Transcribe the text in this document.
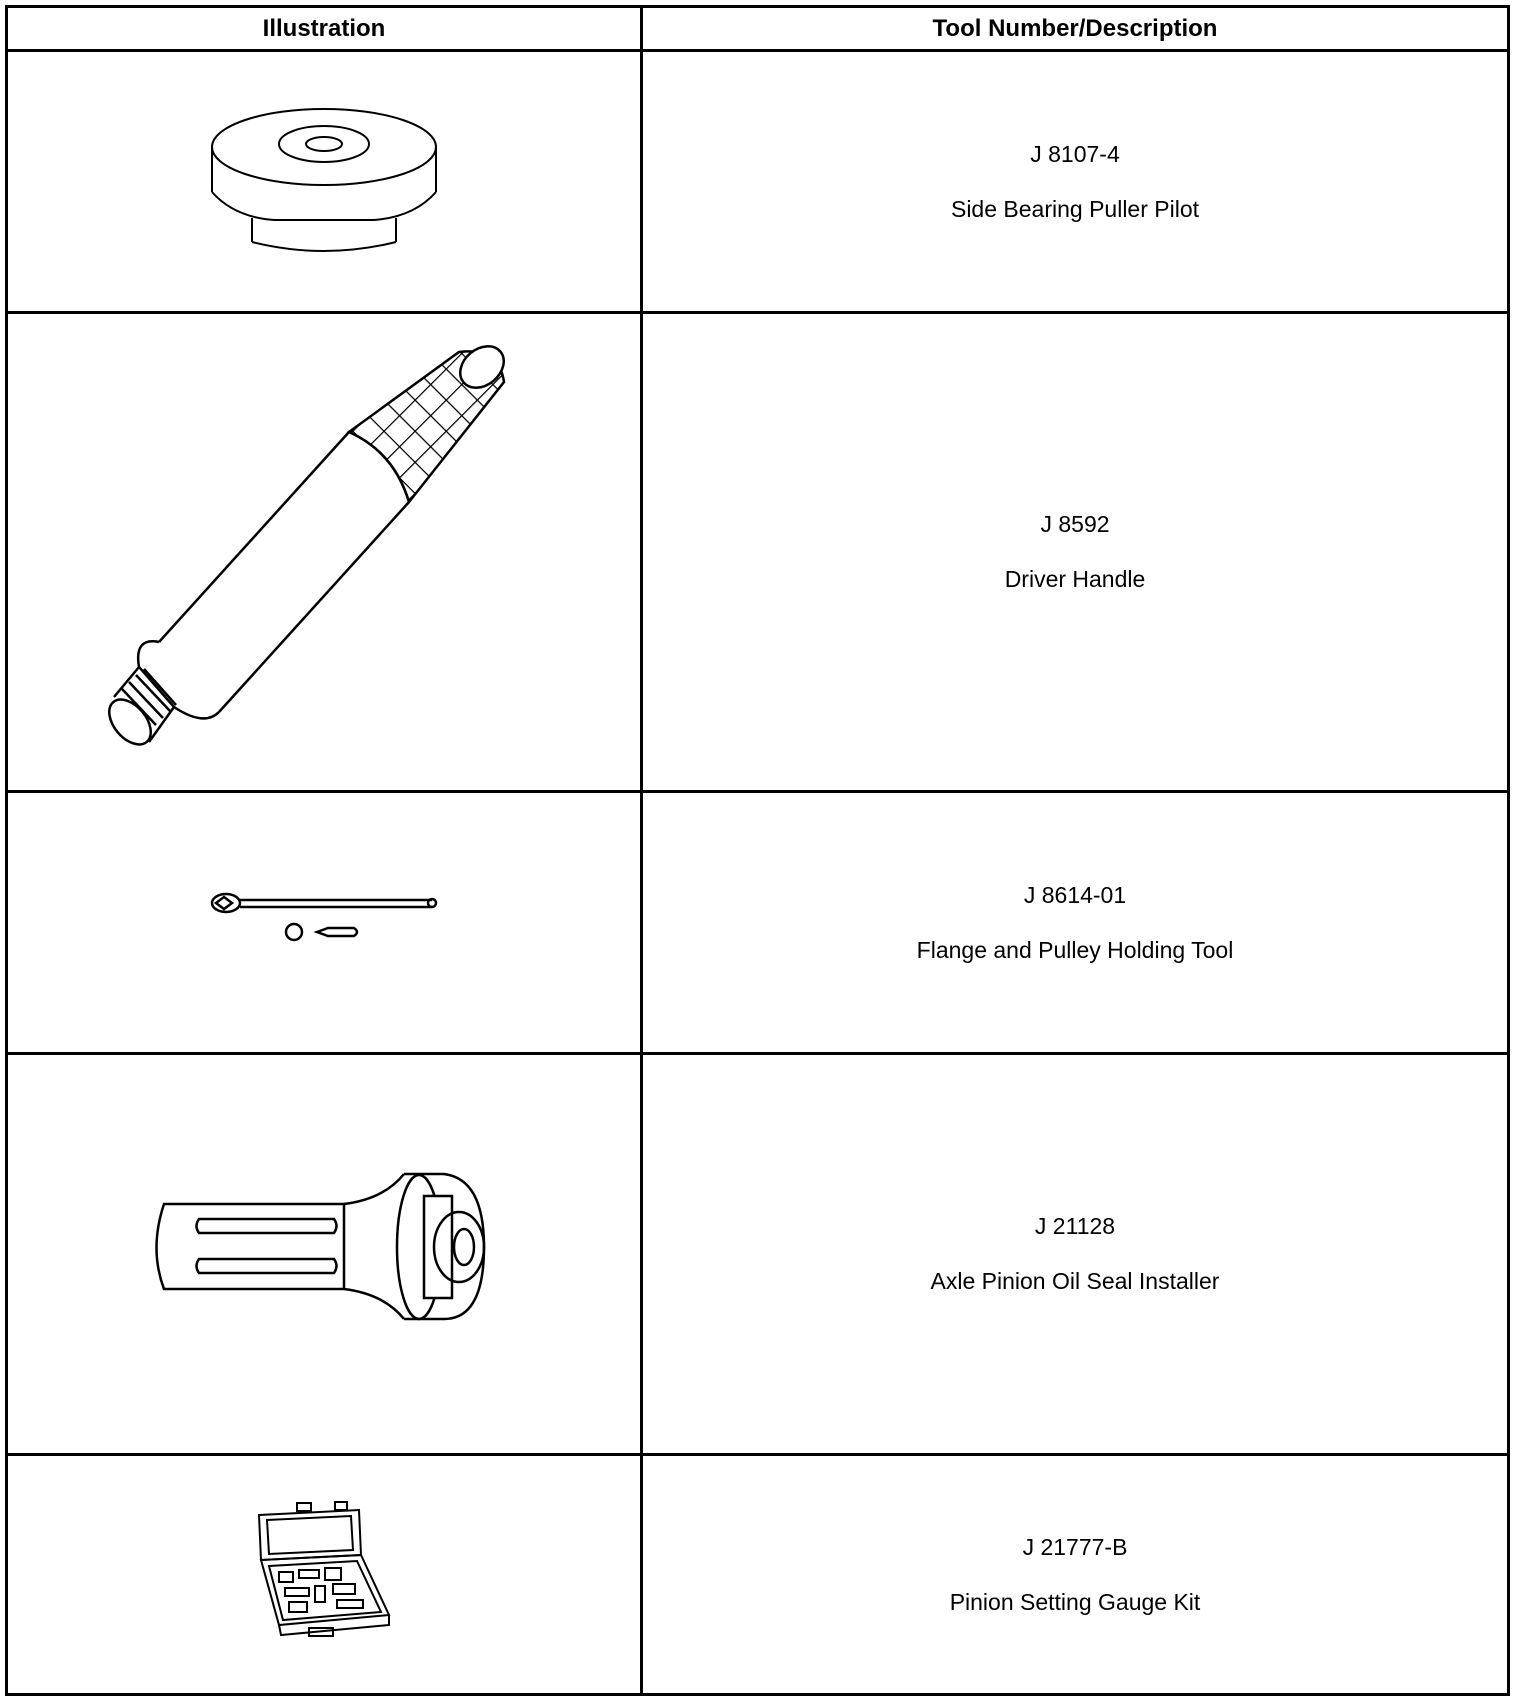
Illustration	Tool Number/Description

J 8107-4
Side Bearing Puller Pilot

J 8592
Driver Handle

J 8614-01
Flange and Pulley Holding Tool

J 21128
Axle Pinion Oil Seal Installer

J 21777-B
Pinion Setting Gauge Kit
